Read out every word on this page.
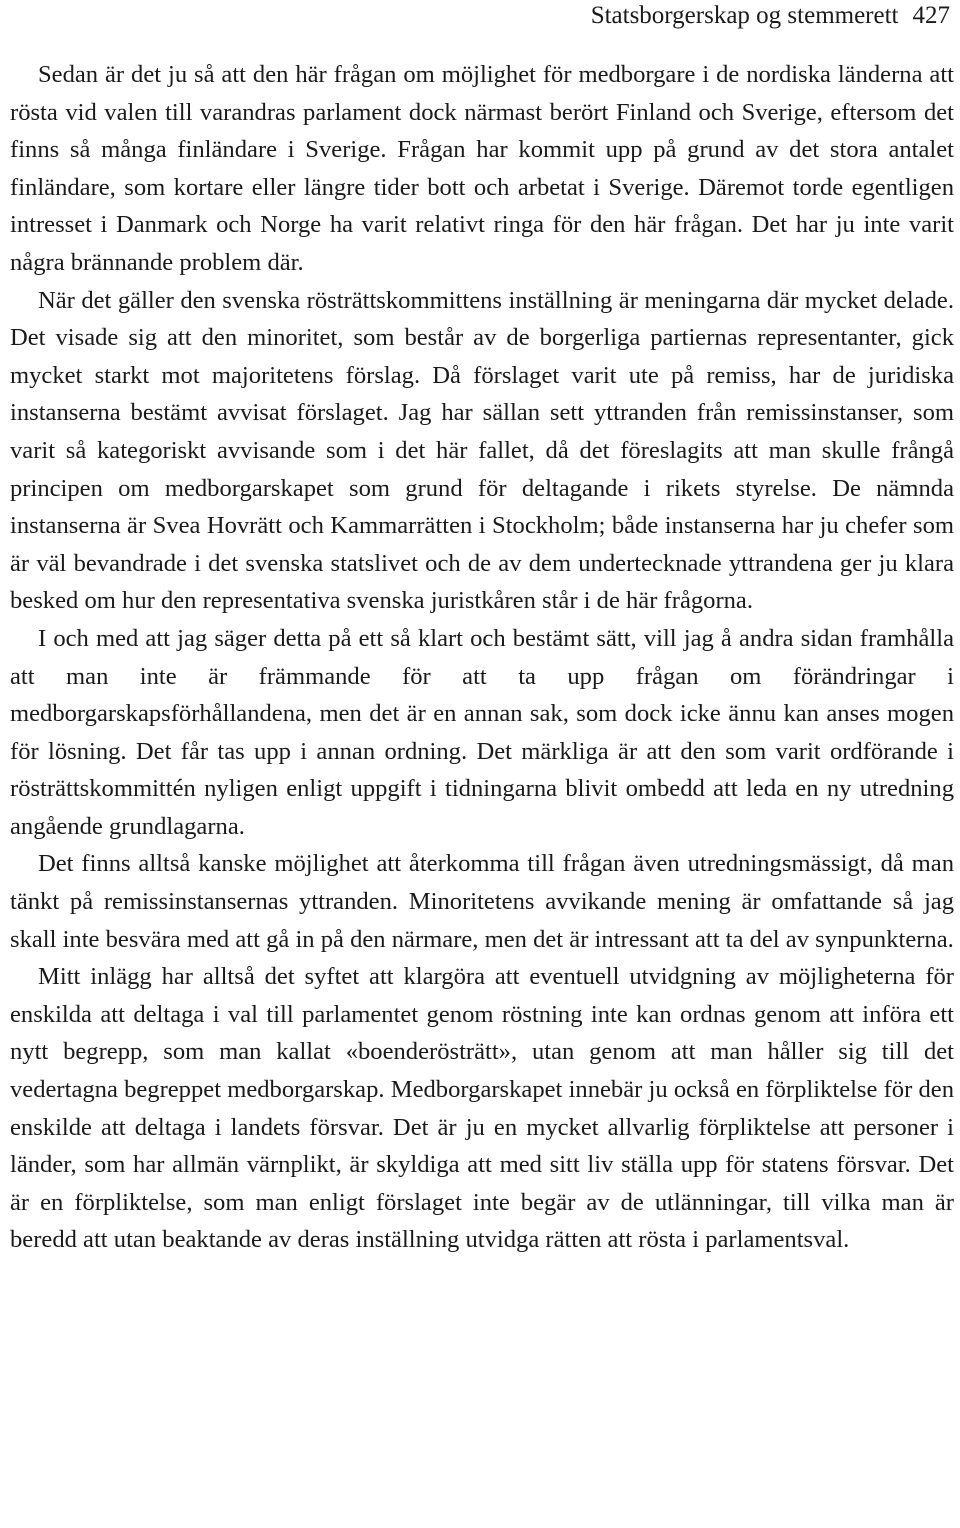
Statsborgerskap og stemmerett 427

Sedan är det ju så att den här frågan om möjlighet för medborgare i de nordiska länderna att rösta vid valen till varandras parlament dock närmast berört Finland och Sverige, eftersom det finns så många finländare i Sverige. Frågan har kommit upp på grund av det stora antalet finländare, som kortare eller längre tider bott och arbetat i Sverige. Däremot torde egentligen intresset i Danmark och Norge ha varit relativt ringa för den här frågan. Det har ju inte varit några brännande problem där.

När det gäller den svenska rösträttskommittens inställning är meningarna där mycket delade. Det visade sig att den minoritet, som består av de borgerliga partiernas representanter, gick mycket starkt mot majoritetens förslag. Då förslaget varit ute på remiss, har de juridiska instanserna bestämt avvisat förslaget. Jag har sällan sett yttranden från remissinstanser, som varit så kategoriskt avvisande som i det här fallet, då det föreslagits att man skulle frångå principen om medborgarskapet som grund för deltagande i rikets styrelse. De nämnda instanserna är Svea Hovrätt och Kammarrätten i Stockholm; både instanserna har ju chefer som är väl bevandrade i det svenska statslivet och de av dem undertecknade yttrandena ger ju klara besked om hur den representativa svenska juristkåren står i de här frågorna.

I och med att jag säger detta på ett så klart och bestämt sätt, vill jag å andra sidan framhålla att man inte är främmande för att ta upp frågan om förändringar i medborgarskapsförhållandena, men det är en annan sak, som dock icke ännu kan anses mogen för lösning. Det får tas upp i annan ordning. Det märkliga är att den som varit ordförande i rösträttskommittén nyligen enligt uppgift i tidningarna blivit ombedd att leda en ny utredning angående grundlagarna.

Det finns alltså kanske möjlighet att återkomma till frågan även utredningsmässigt, då man tänkt på remissinstansernas yttranden. Minoritetens avvikande mening är omfattande så jag skall inte besvära med att gå in på den närmare, men det är intressant att ta del av synpunkterna.

Mitt inlägg har alltså det syftet att klargöra att eventuell utvidgning av möjligheterna för enskilda att deltaga i val till parlamentet genom röstning inte kan ordnas genom att införa ett nytt begrepp, som man kallat «boenderösträtt», utan genom att man håller sig till det vedertagna begreppet medborgarskap. Medborgarskapet innebär ju också en förpliktelse för den enskilde att deltaga i landets försvar. Det är ju en mycket allvarlig förpliktelse att personer i länder, som har allmän värnplikt, är skyldiga att med sitt liv ställa upp för statens försvar. Det är en förpliktelse, som man enligt förslaget inte begär av de utlänningar, till vilka man är beredd att utan beaktande av deras inställning utvidga rätten att rösta i parlamentsval.
